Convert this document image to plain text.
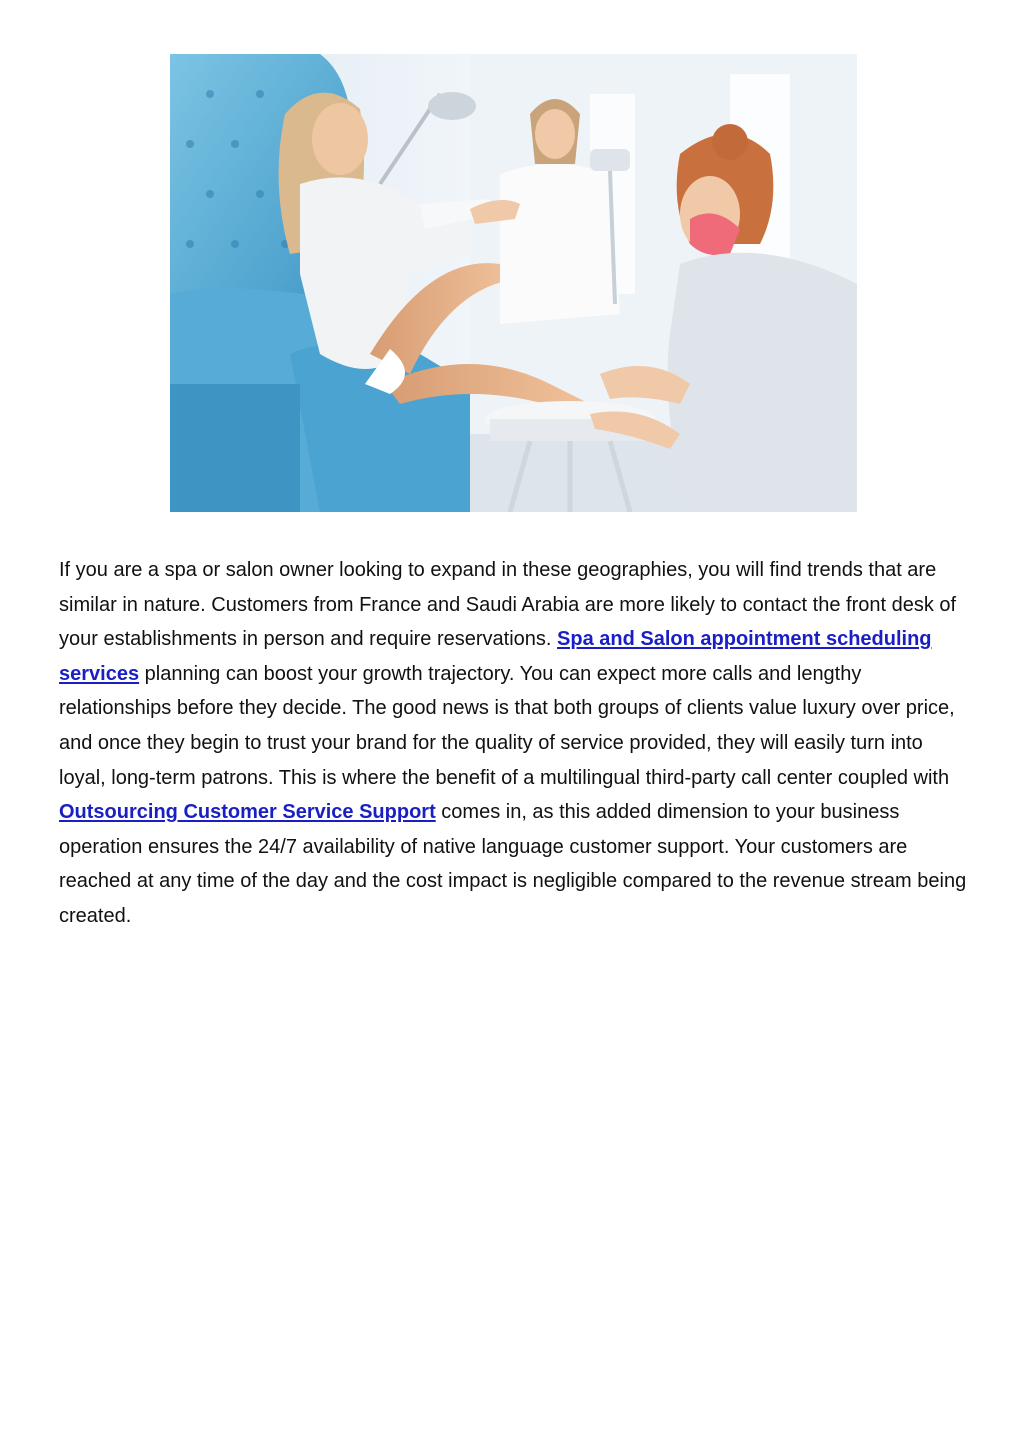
If you are a spa or salon owner looking to expand in these geographies, you will find trends that are similar in nature. Customers from France and Saudi Arabia are more likely to contact the front desk of your establishments in person and require reservations. Spa and Salon appointment scheduling services planning can boost your growth trajectory. You can expect more calls and lengthy relationships before they decide. The good news is that both groups of clients value luxury over price, and once they begin to trust your brand for the quality of service provided, they will easily turn into loyal, long-term patrons. This is where the benefit of a multilingual third-party call center coupled with Outsourcing Customer Service Support comes in, as this added dimension to your business operation ensures the 24/7 availability of native language customer support. Your customers are reached at any time of the day and the cost impact is negligible compared to the revenue stream being created.
